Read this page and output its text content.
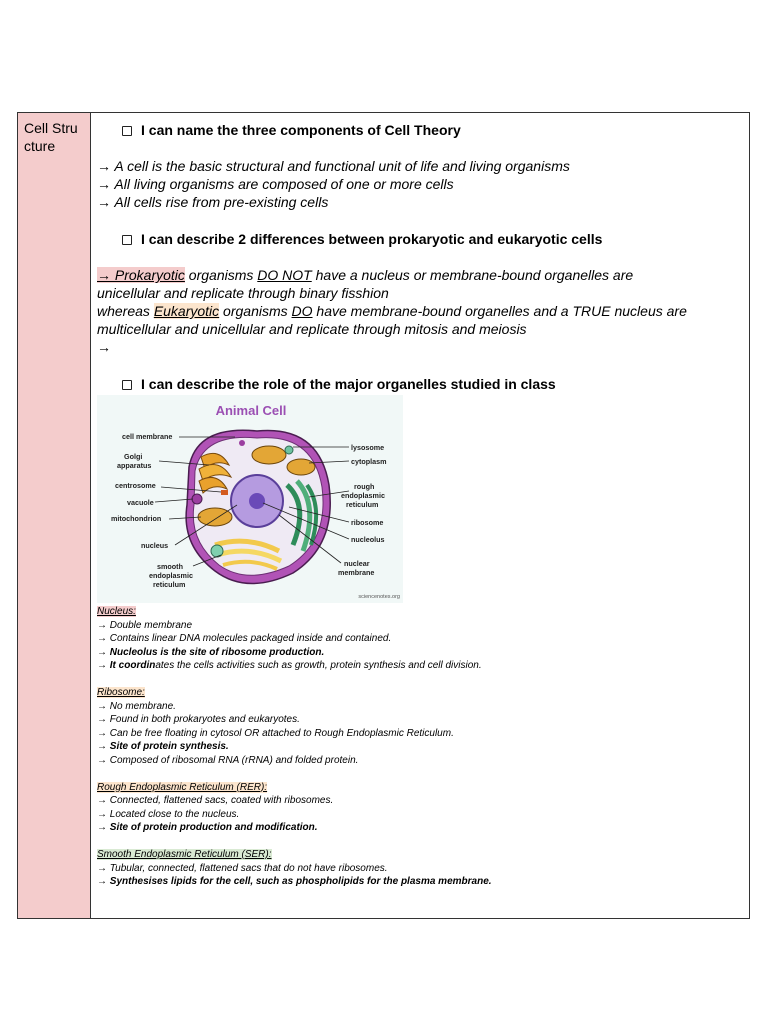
Cell Structure
I can name the three components of Cell Theory
→ A cell is the basic structural and functional unit of life and living organisms
→ All living organisms are composed of one or more cells
→ All cells rise from pre-existing cells
I can describe 2 differences between prokaryotic and eukaryotic cells
→ Prokaryotic organisms DO NOT have a nucleus or membrane-bound organelles are
unicellular and replicate through binary fisshion
whereas Eukaryotic organisms DO have membrane-bound organelles and a TRUE nucleus are
multicellular and unicellular and replicate through mitosis and meiosis
→
I can describe the role of the major organelles studied in class
Animal Cell
cell membrane
Golgi
apparatus
centrosome
vacuole
mitochondrion
nucleus
smooth
endoplasmic
reticulum
lysosome
cytoplasm
rough
endoplasmic
reticulum
ribosome
nucleolus
nuclear
membrane
sciencenotes.org
Nucleus:
→ Double membrane
→ Contains linear DNA molecules packaged inside and contained.
→ Nucleolus is the site of ribosome production.
→ It coordinates the cells activities such as growth, protein synthesis and cell division.

Ribosome:
→ No membrane.
→ Found in both prokaryotes and eukaryotes.
→ Can be free floating in cytosol OR attached to Rough Endoplasmic Reticulum.
→ Site of protein synthesis.
→ Composed of ribosomal RNA (rRNA) and folded protein.

Rough Endoplasmic Reticulum (RER):
→ Connected, flattened sacs, coated with ribosomes.
→ Located close to the nucleus.
→ Site of protein production and modification.

Smooth Endoplasmic Reticulum (SER):
→ Tubular, connected, flattened sacs that do not have ribosomes.
→ Synthesises lipids for the cell, such as phospholipids for the plasma membrane.
